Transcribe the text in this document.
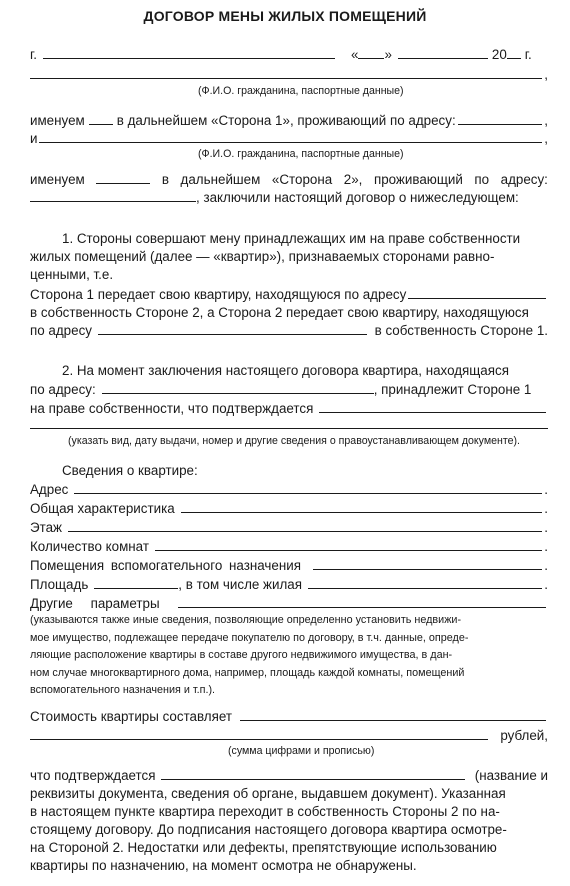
ДОГОВОР МЕНЫ ЖИЛЫХ ПОМЕЩЕНИЙ
г.	« »	20 г.
,
(Ф.И.О. гражданина, паспортные данные)
именуем в дальнейшем «Сторона 1», проживающий по адресу:	,
и	,
(Ф.И.О. гражданина, паспортные данные)
именуем	в дальнейшем «Сторона 2», проживающий по адресу:
, заключили настоящий договор о нижеследующем:
1. Стороны совершают мену принадлежащих им на праве собственности
жилых помещений (далее — «квартир»), признаваемых сторонами равно-
ценными, т.е.
Сторона 1 передает свою квартиру, находящуюся по адресу
в собственность Стороне 2, а Сторона 2 передает свою квартиру, находящуюся
по адресу	в собственность Стороне 1.
2. На момент заключения настоящего договора квартира, находящаяся
по адресу:	, принадлежит Стороне 1
на праве собственности, что подтверждается
(указать вид, дату выдачи, номер и другие сведения о правоустанавливающем документе).
Сведения о квартире:
Адрес	.
Общая характеристика	.
Этаж	.
Количество комнат	.
Помещения вспомогательного назначения	.
Площадь	, в том числе жилая	.
Другие параметры
(указываются также иные сведения, позволяющие определенно установить недвижи-
мое имущество, подлежащее передаче покупателю по договору, в т.ч. данные, опреде-
ляющие расположение квартиры в составе другого недвижимого имущества, в дан-
ном случае многоквартирного дома, например, площадь каждой комнаты, помещений
вспомогательного назначения и т.п.).
Стоимость квартиры составляет
рублей,
(сумма цифрами и прописью)
что подтверждается	(название и
реквизиты документа, сведения об органе, выдавшем документ). Указанная
в настоящем пункте квартира переходит в собственность Стороны 2 по на-
стоящему договору. До подписания настоящего договора квартира осмотре-
на Стороной 2. Недостатки или дефекты, препятствующие использованию
квартиры по назначению, на момент осмотра не обнаружены.
